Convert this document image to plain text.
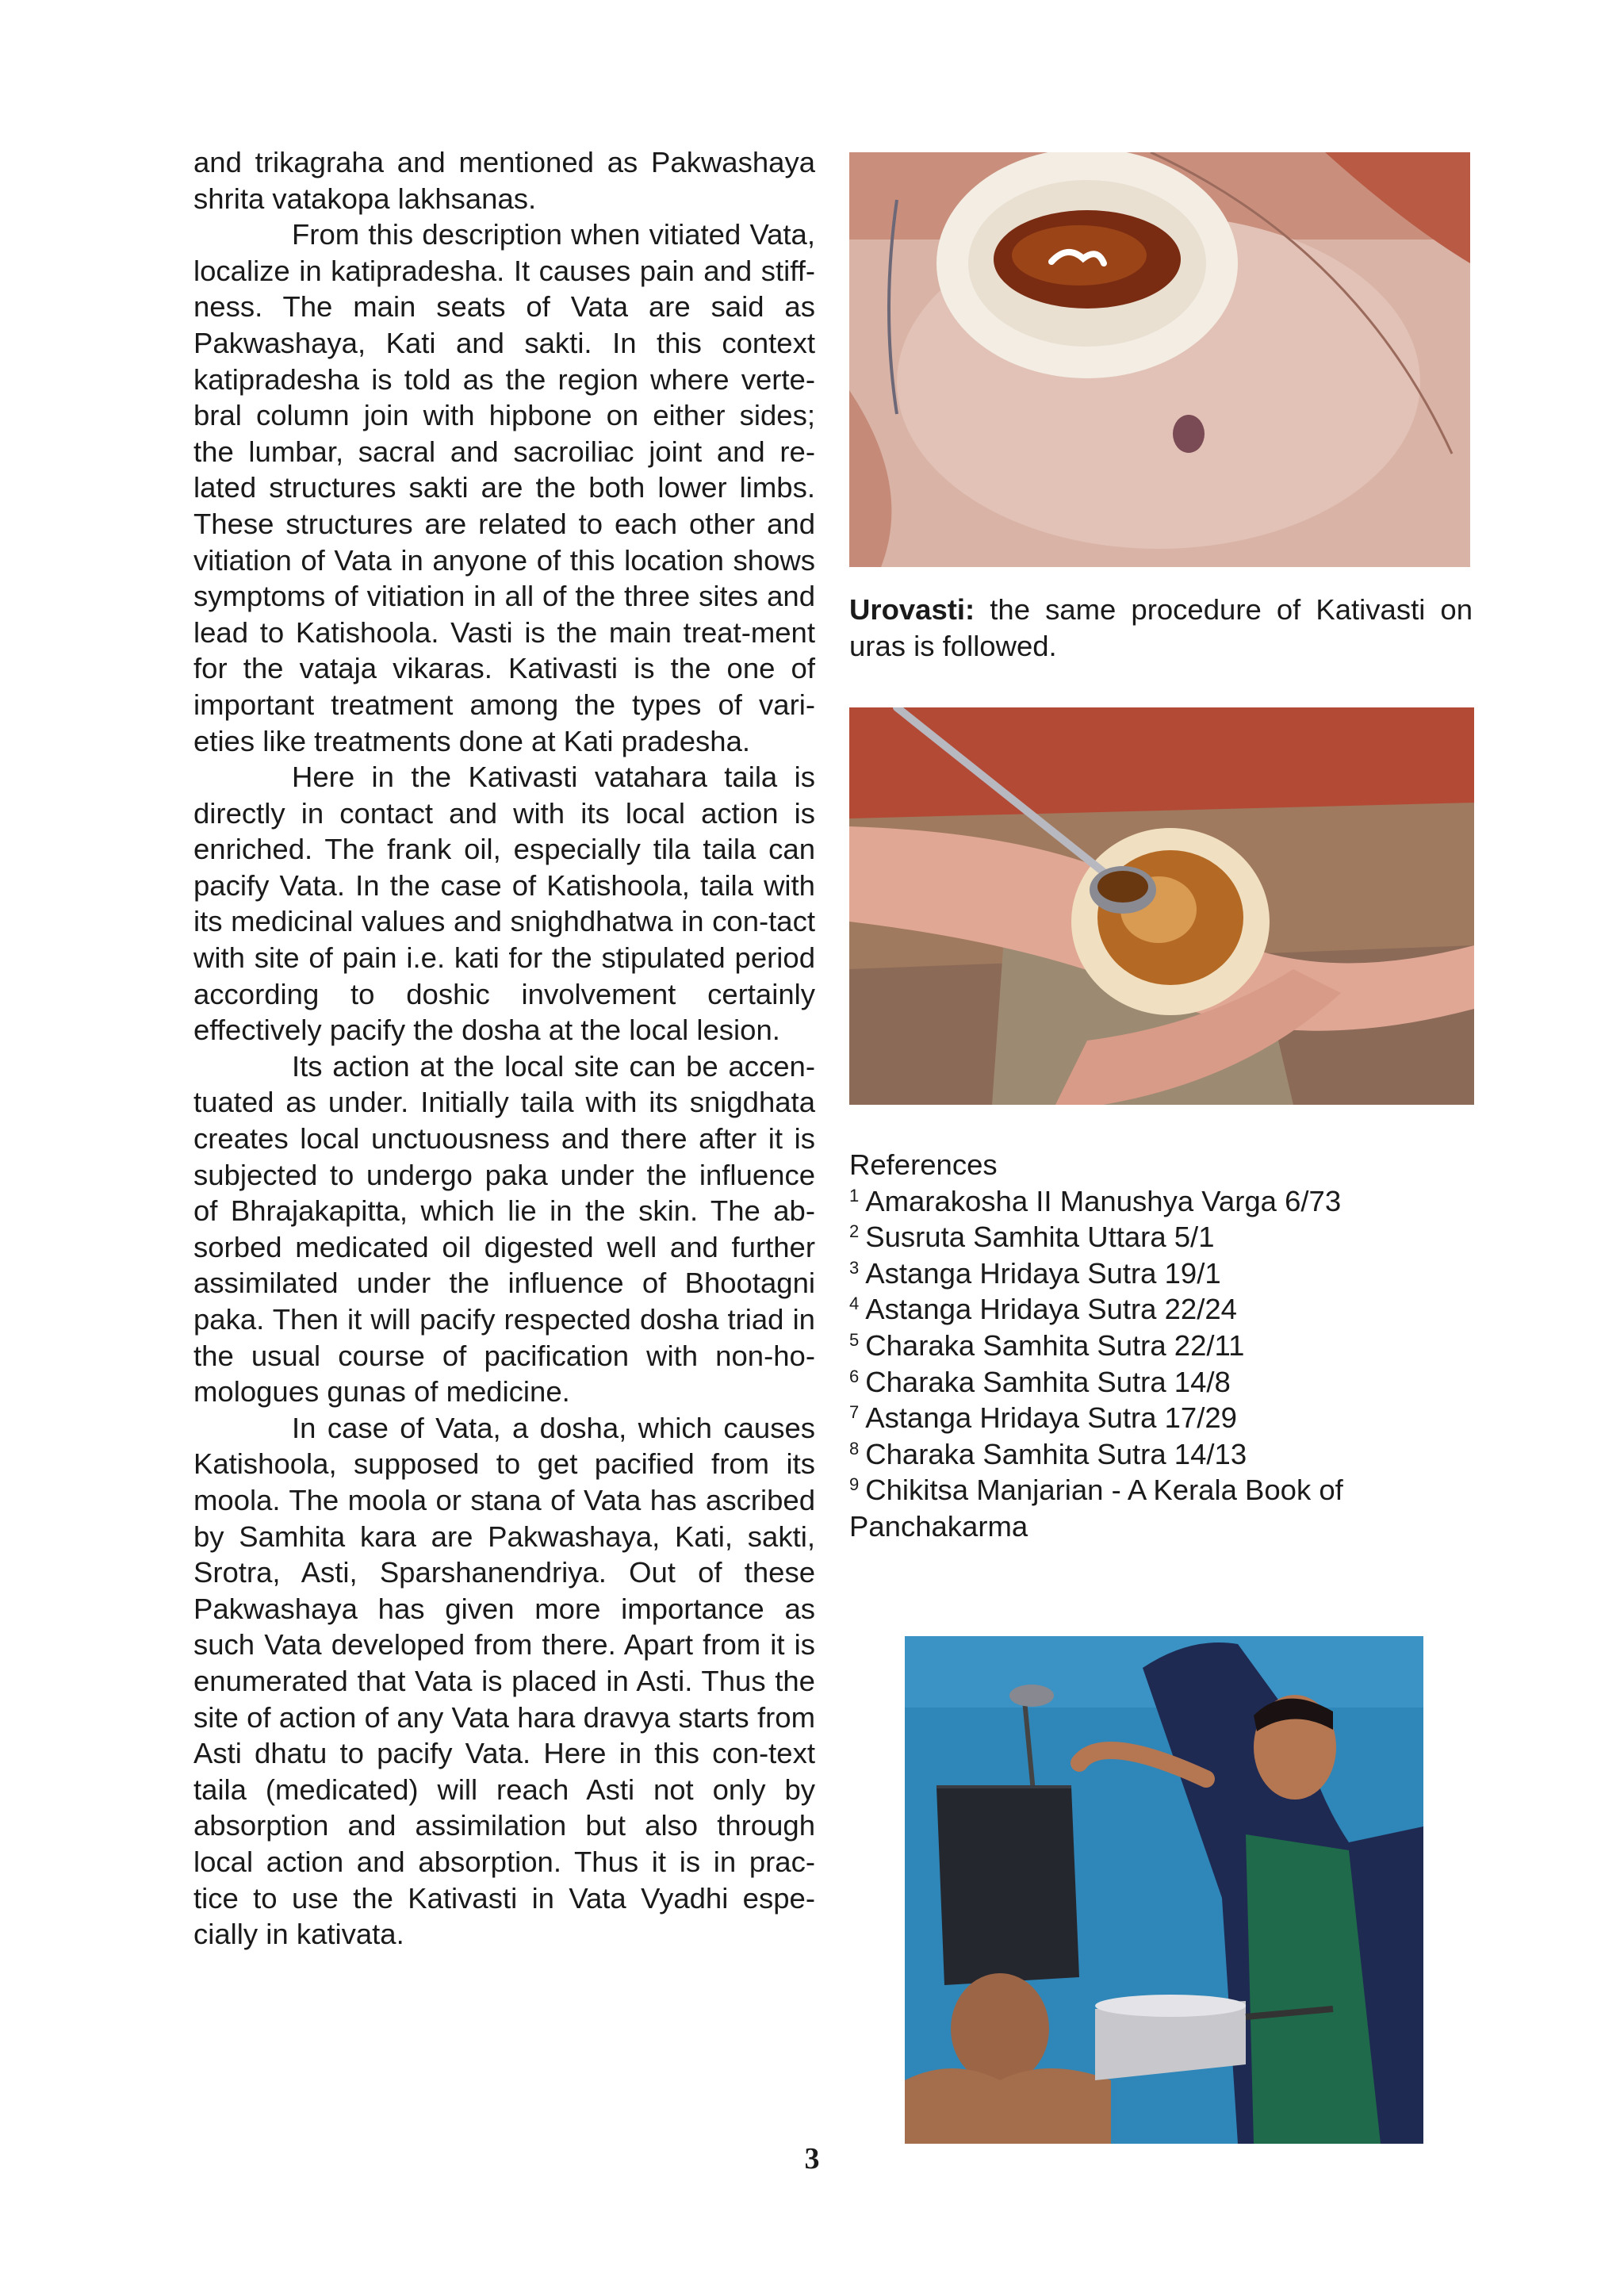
and trikagraha and mentioned as Pakwashaya shrita vatakopa lakhsanas.

From this description when vitiated Vata, localize in katipradesha. It causes pain and stiff-ness. The main seats of Vata are said as Pakwashaya, Kati and sakti. In this context katipradesha is told as the region where verte-bral column join with hipbone on either sides; the lumbar, sacral and sacroiliac joint and re-lated structures sakti are the both lower limbs. These structures are related to each other and vitiation of Vata in anyone of this location shows symptoms of vitiation in all of the three sites and lead to Katishoola. Vasti is the main treat-ment for the vataja vikaras. Kativasti is the one of important treatment among the types of vari-eties like treatments done at Kati pradesha.

Here in the Kativasti vatahara taila is directly in contact and with its local action is enriched. The frank oil, especially tila taila can pacify Vata. In the case of Katishoola, taila with its medicinal values and snighdhatwa in con-tact with site of pain i.e. kati for the stipulated period according to doshic involvement certainly effectively pacify the dosha at the local lesion.

Its action at the local site can be accen-tuated as under. Initially taila with its snigdhata creates local unctuousness and there after it is subjected to undergo paka under the influence of Bhrajakapitta, which lie in the skin. The ab-sorbed medicated oil digested well and further assimilated under the influence of Bhootagni paka. Then it will pacify respected dosha triad in the usual course of pacification with non-ho-mologues gunas of medicine.

In case of Vata, a dosha, which causes Katishoola, supposed to get pacified from its moola. The moola or stana of Vata has ascribed by Samhita kara are Pakwashaya, Kati, sakti, Srotra, Asti, Sparshanendriya. Out of these Pakwashaya has given more importance as such Vata developed from there. Apart from it is enumerated that Vata is placed in Asti. Thus the site of action of any Vata hara dravya starts from Asti dhatu to pacify Vata. Here in this con-text taila (medicated) will reach Asti not only by absorption and assimilation but also through local action and absorption. Thus it is in prac-tice to use the Kativasti in Vata Vyadhi espe-cially in kativata.

Urovasti: the same procedure of Kativasti on uras is followed.
References
$^1$ Amarakosha II Manushya Varga 6/73
$^2$ Susruta Samhita Uttara 5/1
$^3$ Astanga Hridaya Sutra 19/1
$^4$ Astanga Hridaya Sutra 22/24
$^5$ Charaka Samhita Sutra 22/11
$^6$ Charaka Samhita Sutra 14/8
$^7$ Astanga Hridaya Sutra 17/29
$^8$ Charaka Samhita Sutra 14/13
$^9$ Chikitsa Manjarian - A Kerala Book of Panchakarma
3
